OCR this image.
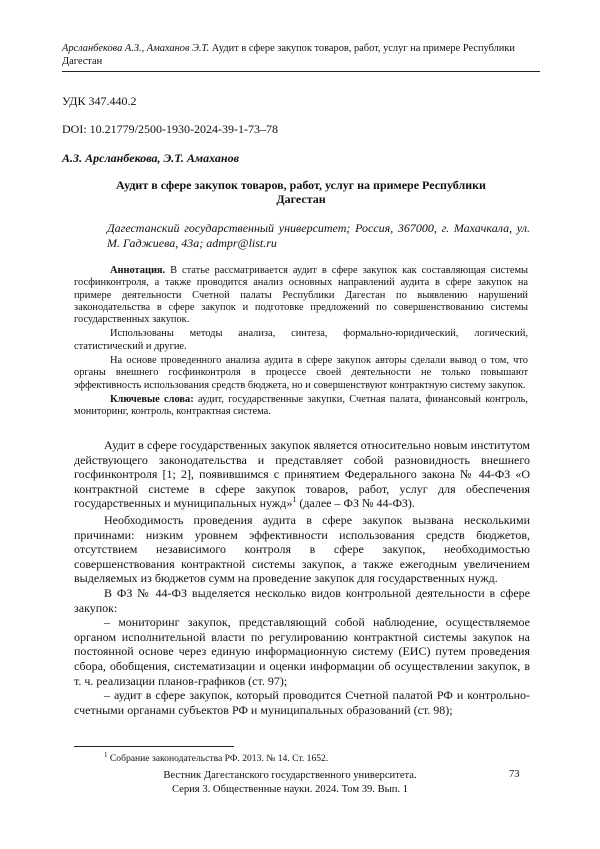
Арсланбекова А.З., Амаханов Э.Т. Аудит в сфере закупок товаров, работ, услуг на примере Республики Дагестан
УДК 347.440.2
DOI: 10.21779/2500-1930-2024-39-1-73–78
А.З. Арсланбекова, Э.Т. Амаханов
Аудит в сфере закупок товаров, работ, услуг на примере Республики Дагестан
Дагестанский государственный университет; Россия, 367000, г. Махачкала, ул. М. Гаджиева, 43а; admpr@list.ru

Аннотация. В статье рассматривается аудит в сфере закупок как составляющая системы госфинконтроля, а также проводится анализ основных направлений аудита в сфере закупок на примере деятельности Счетной палаты Республики Дагестан по выявлению нарушений законодательства в сфере закупок и подготовке предложений по совершенствованию системы государственных закупок.

Использованы методы анализа, синтеза, формально-юридический, логический, статистический и другие.

На основе проведенного анализа аудита в сфере закупок авторы сделали вывод о том, что органы внешнего госфинконтроля в процессе своей деятельности не только повышают эффективность использования средств бюджета, но и совершенствуют контрактную систему закупок.

Ключевые слова: аудит, государственные закупки, Счетная палата, финансовый контроль, мониторинг, контроль, контрактная система.

Аудит в сфере государственных закупок является относительно новым институтом действующего законодательства и представляет собой разновидность внешнего госфинконтроля [1; 2], появившимся с принятием Федерального закона № 44-ФЗ «О контрактной системе в сфере закупок товаров, работ, услуг для обеспечения государственных и муниципальных нужд»$^1$ (далее – ФЗ № 44-ФЗ).

Необходимость проведения аудита в сфере закупок вызвана несколькими причинами: низким уровнем эффективности использования средств бюджетов, отсутствием независимого контроля в сфере закупок, необходимостью совершенствования контрактной системы закупок, а также ежегодным увеличением выделяемых из бюджетов сумм на проведение закупок для государственных нужд.

В ФЗ № 44-ФЗ выделяется несколько видов контрольной деятельности в сфере закупок:

– мониторинг закупок, представляющий собой наблюдение, осуществляемое органом исполнительной власти по регулированию контрактной системы закупок на постоянной основе через единую информационную систему (ЕИС) путем проведения сбора, обобщения, систематизации и оценки информации об осуществлении закупок, в т. ч. реализации планов-графиков (ст. 97);

– аудит в сфере закупок, который проводится Счетной палатой РФ и контрольно-счетными органами субъектов РФ и муниципальных образований (ст. 98);

$^1$ Собрание законодательства РФ. 2013. № 14. Ст. 1652.
Вестник Дагестанского государственного университета.
Серия 3. Общественные науки. 2024. Том 39. Вып. 1
73
